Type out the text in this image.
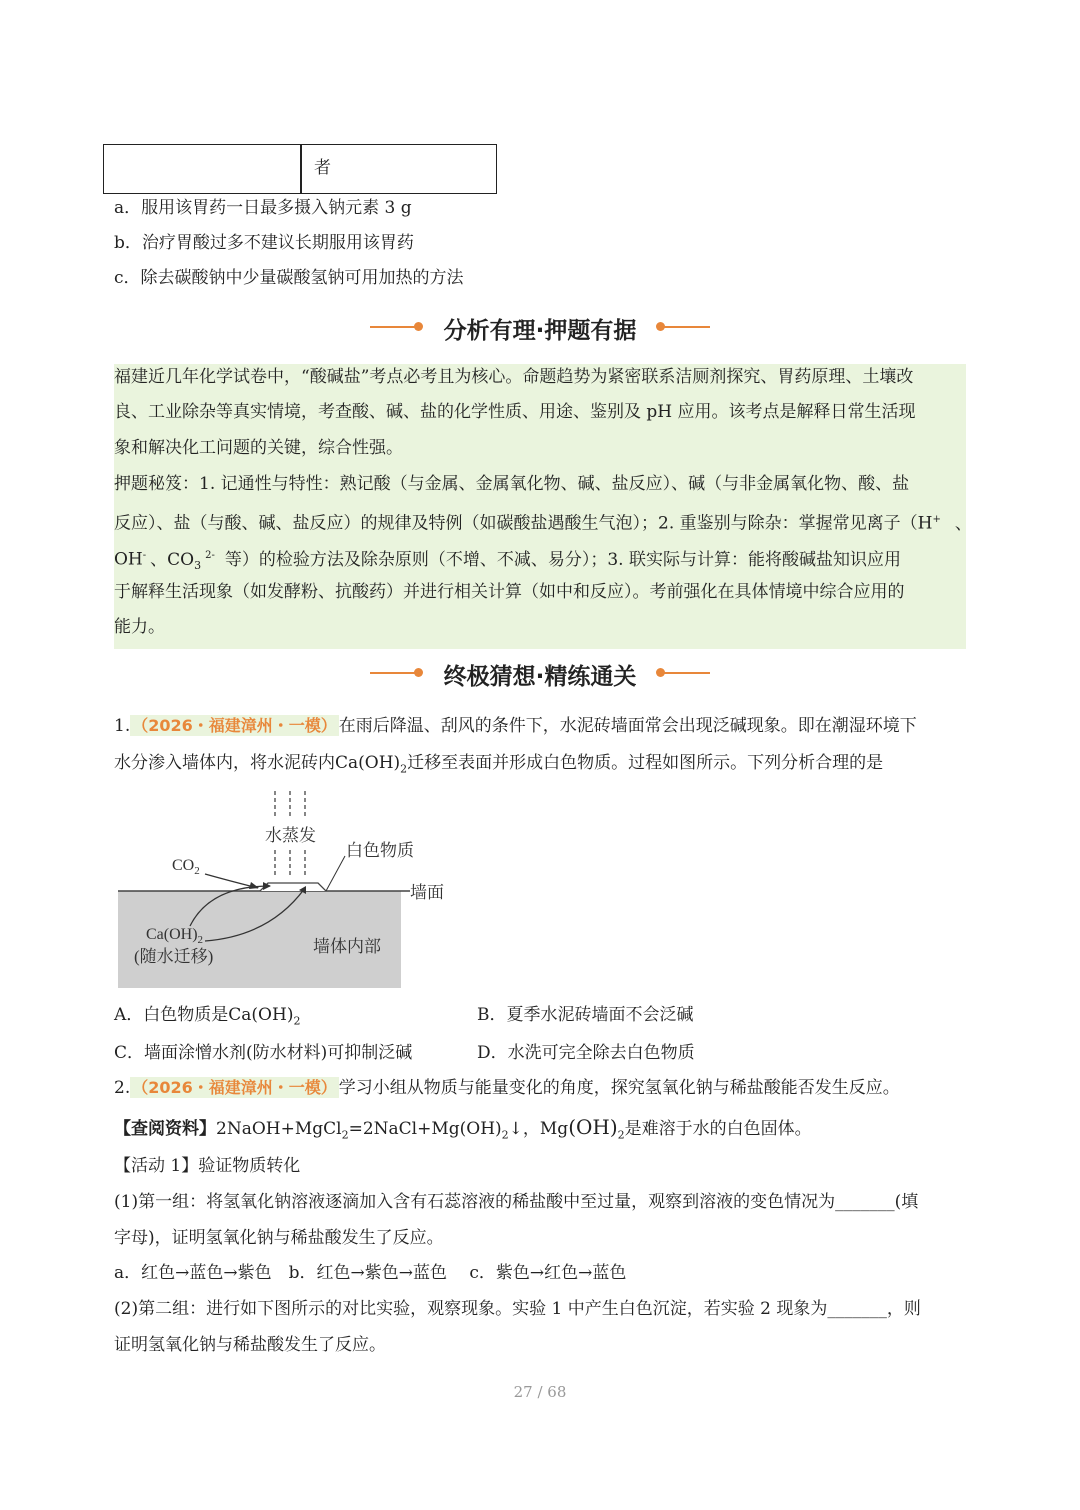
者
a．服用该胃药一日最多摄入钠元素 3 g
b．治疗胃酸过多不建议长期服用该胃药
c．除去碳酸钠中少量碳酸氢钠可用加热的方法
分析有理·押题有据
福建近几年化学试卷中，“酸碱盐”考点必考且为核心。命题趋势为紧密联系洁厕剂探究、胃药原理、土壤改
良、工业除杂等真实情境，考查酸、碱、盐的化学性质、用途、鉴别及 pH 应用。该考点是解释日常生活现
象和解决化工问题的关键，综合性强。
押题秘笈：1. 记通性与特性：熟记酸（与金属、金属氧化物、碱、盐反应）、碱（与非金属氧化物、酸、盐
反应）、盐（与酸、碱、盐反应）的规律及特例（如碳酸盐遇酸生气泡）；2. 重鉴别与除杂：掌握常见离子（H+ 、
OH- 、$CO_3^{2-}$ 等）的检验方法及除杂原则（不增、不减、易分）；3. 联实际与计算：能将酸碱盐知识应用
于解释生活现象（如发酵粉、抗酸药）并进行相关计算（如中和反应）。考前强化在具体情境中综合应用的
能力。
终极猜想·精练通关
1. （2026・福建漳州・一模） 在雨后降温、刮风的条件下，水泥砖墙面常会出现泛碱现象。即在潮湿环境下
水分渗入墙体内，将水泥砖内$Ca(OH)_2$迁移至表面并形成白色物质。过程如图所示。下列分析合理的是
水蒸发
$CO_2$
白色物质
墙面
$Ca(OH)_2$
(随水迁移)
墙体内部
A．白色物质是$Ca(OH)_2$	B．夏季水泥砖墙面不会泛碱
C．墙面涂憎水剂(防水材料)可抑制泛碱	D．水洗可完全除去白色物质
2. （2026・福建漳州・一模） 学习小组从物质与能量变化的角度，探究氢氧化钠与稀盐酸能否发生反应。
【查阅资料】$2NaOH+MgCl_2=2NaCl+Mg(OH)_2↓$，$Mg(OH)_2$是难溶于水的白色固体。
【活动 1】验证物质转化
(1)第一组：将氢氧化钠溶液逐滴加入含有石蕊溶液的稀盐酸中至过量，观察到溶液的变色情况为_______(填
字母)，证明氢氧化钠与稀盐酸发生了反应。
a．红色→蓝色→紫色　b．红色→紫色→蓝色　 c．紫色→红色→蓝色
(2)第二组：进行如下图所示的对比实验，观察现象。实验 1 中产生白色沉淀，若实验 2 现象为_______，则
证明氢氧化钠与稀盐酸发生了反应。
27 / 68
